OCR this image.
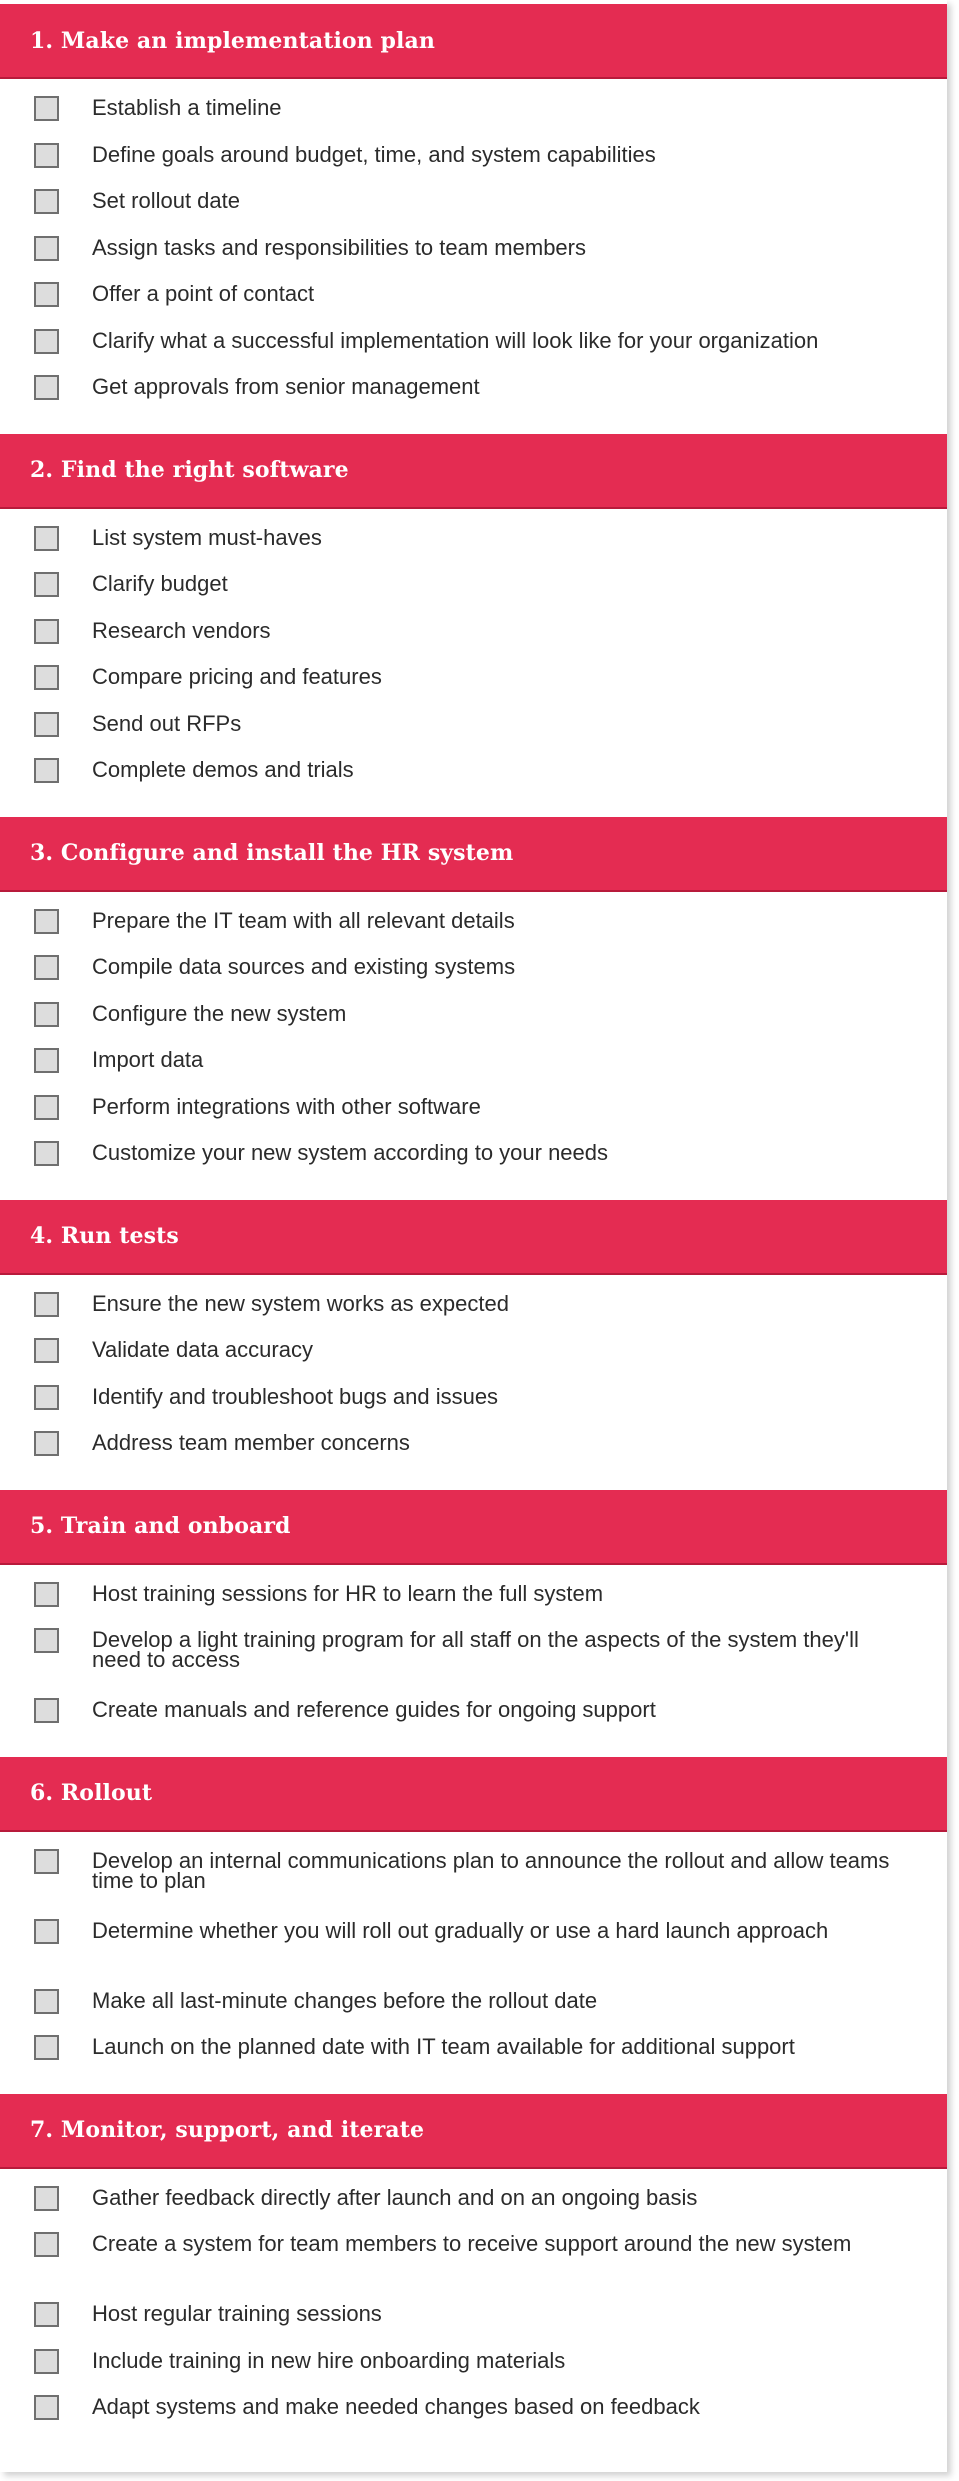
1. Make an implementation plan
Establish a timeline
Define goals around budget, time, and system capabilities
Set rollout date
Assign tasks and responsibilities to team members
Offer a point of contact
Clarify what a successful implementation will look like for your organization
Get approvals from senior management
2. Find the right software
List system must-haves
Clarify budget
Research vendors
Compare pricing and features
Send out RFPs
Complete demos and trials
3. Configure and install the HR system
Prepare the IT team with all relevant details
Compile data sources and existing systems
Configure the new system
Import data
Perform integrations with other software
Customize your new system according to your needs
4. Run tests
Ensure the new system works as expected
Validate data accuracy
Identify and troubleshoot bugs and issues
Address team member concerns
5. Train and onboard
Host training sessions for HR to learn the full system
Develop a light training program for all staff on the aspects of the system they'll need to access
Create manuals and reference guides for ongoing support
6. Rollout
Develop an internal communications plan to announce the rollout and allow teams time to plan
Determine whether you will roll out gradually or use a hard launch approach
Make all last-minute changes before the rollout date
Launch on the planned date with IT team available for additional support
7. Monitor, support, and iterate
Gather feedback directly after launch and on an ongoing basis
Create a system for team members to receive support around the new system
Host regular training sessions
Include training in new hire onboarding materials
Adapt systems and make needed changes based on feedback
